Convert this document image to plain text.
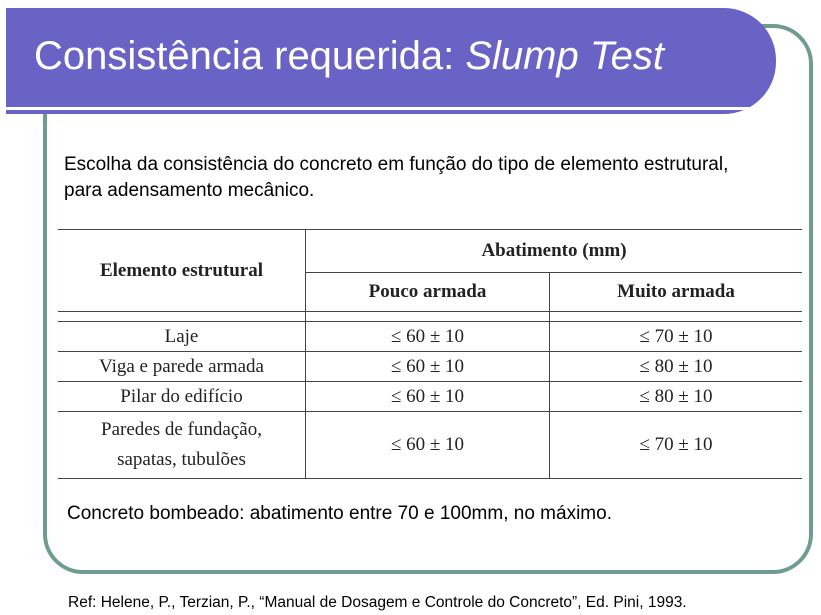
Consistência requerida: Slump Test
Escolha da consistência do concreto em função do tipo de elemento estrutural, para adensamento mecânico.
Elemento estrutural	Abatimento (mm)	
	Pouco armada	Muito armada

Laje	≤ 60 ± 10	≤ 70 ± 10
Viga e parede armada	≤ 60 ± 10	≤ 80 ± 10
Pilar do edifício	≤ 60 ± 10	≤ 80 ± 10

Paredes de fundação,
sapatas, tubulões	≤ 60 ± 10	≤ 70 ± 10
Concreto bombeado: abatimento entre 70 e 100mm, no máximo.
Ref: Helene, P., Terzian, P., “Manual de Dosagem e Controle do Concreto”, Ed. Pini, 1993.
